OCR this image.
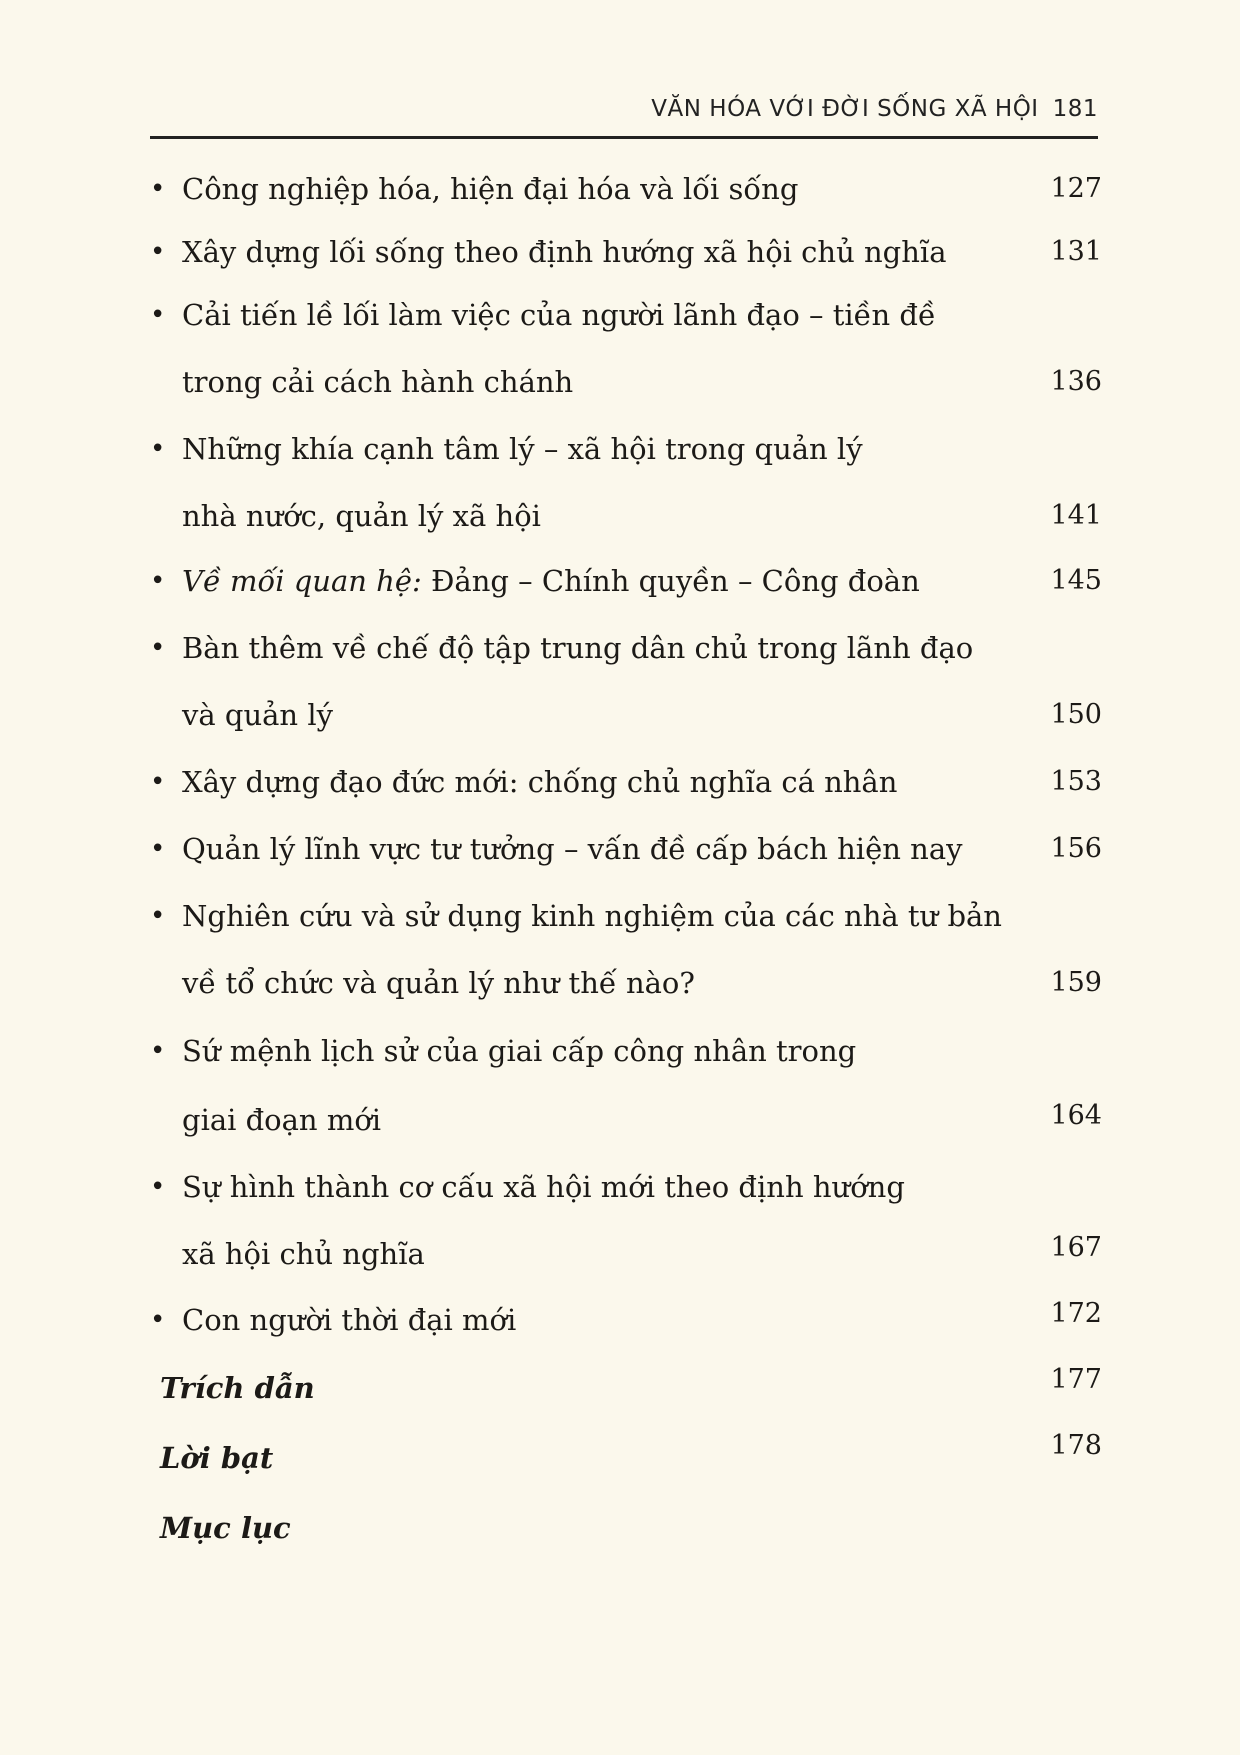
VĂN HÓA VỚI ĐỜI SỐNG XÃ HỘI 181
• Công nghiệp hóa, hiện đại hóa và lối sống	127
• Xây dựng lối sống theo định hướng xã hội chủ nghĩa	131
• Cải tiến lề lối làm việc của người lãnh đạo – tiền đề
trong cải cách hành chánh	136
• Những khía cạnh tâm lý – xã hội trong quản lý
nhà nước, quản lý xã hội	141
• Về mối quan hệ: Đảng – Chính quyền – Công đoàn	145
• Bàn thêm về chế độ tập trung dân chủ trong lãnh đạo
và quản lý	150
• Xây dựng đạo đức mới: chống chủ nghĩa cá nhân	153
• Quản lý lĩnh vực tư tưởng – vấn đề cấp bách hiện nay	156
• Nghiên cứu và sử dụng kinh nghiệm của các nhà tư bản
về tổ chức và quản lý như thế nào?	159
• Sứ mệnh lịch sử của giai cấp công nhân trong
giai đoạn mới	164
• Sự hình thành cơ cấu xã hội mới theo định hướng
xã hội chủ nghĩa	167
• Con người thời đại mới	172
Trích dẫn	177
Lời bạt	178
Mục lục
